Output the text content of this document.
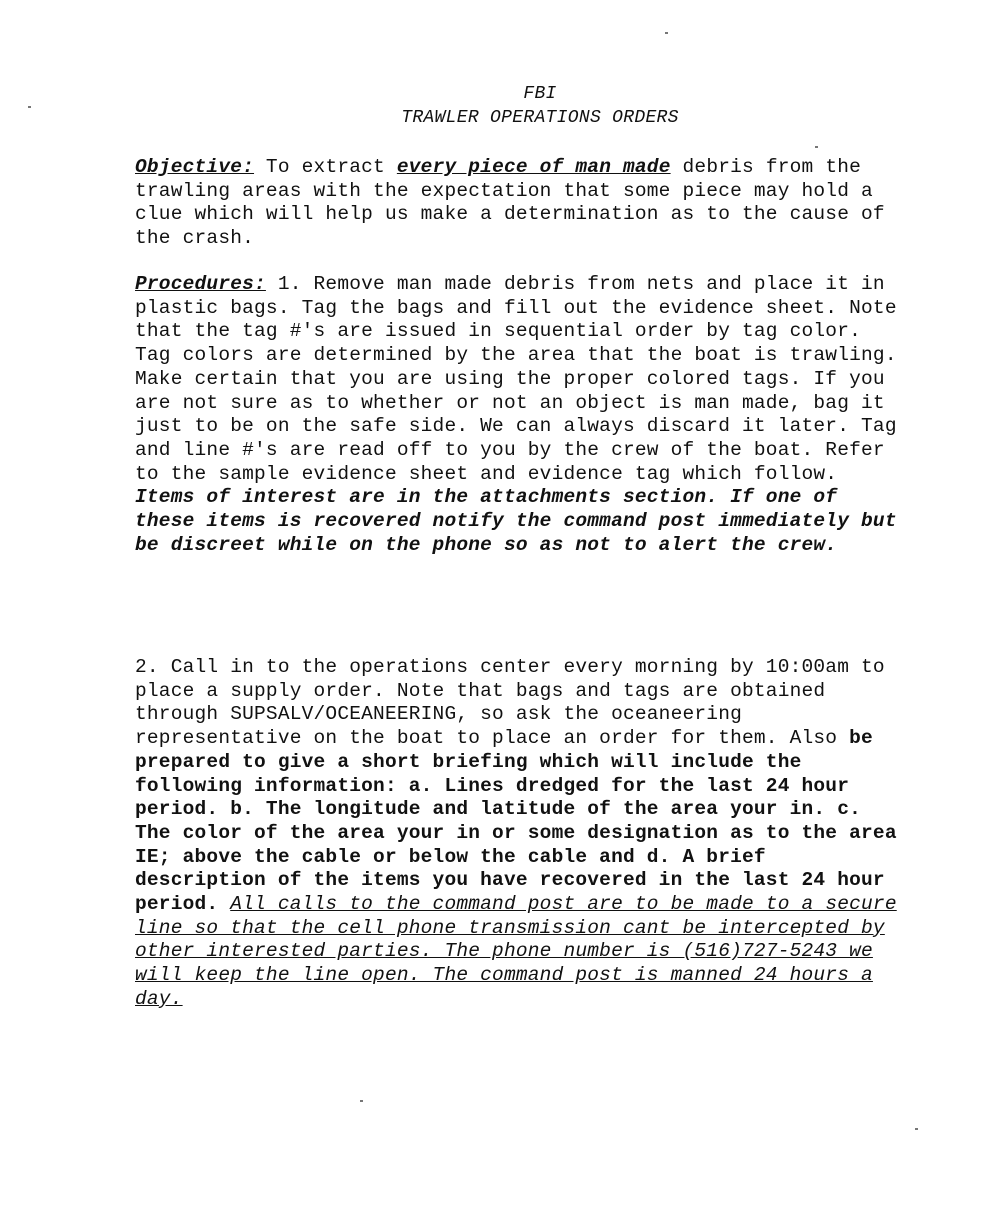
FBI
TRAWLER OPERATIONS ORDERS

Objective: To extract every piece of man made debris from the trawling areas with the expectation that some piece may hold a clue which will help us make a determination as to the cause of the crash.

Procedures: 1. Remove man made debris from nets and place it in plastic bags. Tag the bags and fill out the evidence sheet. Note that the tag #'s are issued in sequential order by tag color. Tag colors are determined by the area that the boat is trawling. Make certain that you are using the proper colored tags. If you are not sure as to whether or not an object is man made, bag it just to be on the safe side. We can always discard it later. Tag and line #'s are read off to you by the crew of the boat. Refer to the sample evidence sheet and evidence tag which follow. Items of interest are in the attachments section. If one of these items is recovered notify the command post immediately but be discreet while on the phone so as not to alert the crew.

2. Call in to the operations center every morning by 10:00am to place a supply order. Note that bags and tags are obtained through SUPSALV/OCEANEERING, so ask the oceaneering representative on the boat to place an order for them. Also be prepared to give a short briefing which will include the following information: a. Lines dredged for the last 24 hour period. b. The longitude and latitude of the area your in. c. The color of the area your in or some designation as to the area IE; above the cable or below the cable and d. A brief description of the items you have recovered in the last 24 hour period. All calls to the command post are to be made to a secure line so that the cell phone transmission cant be intercepted by other interested parties. The phone number is (516)727-5243 we will keep the line open. The command post is manned 24 hours a day.
